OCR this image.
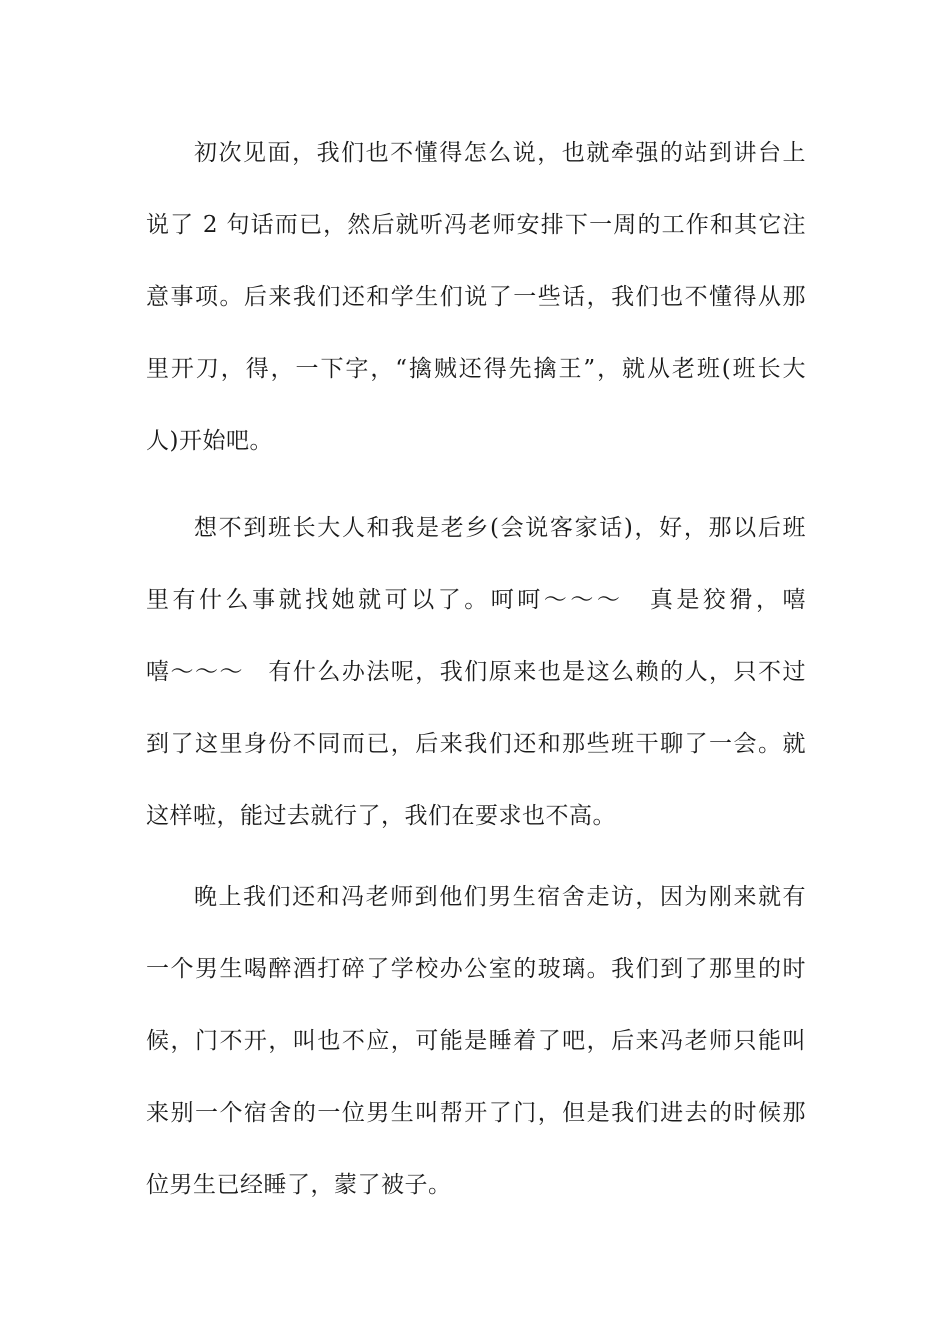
初次见面，我们也不懂得怎么说，也就牵强的站到讲台上
说了 2 句话而已，然后就听冯老师安排下一周的工作和其它注
意事项。后来我们还和学生们说了一些话，我们也不懂得从那
里开刀，得，一下字，“擒贼还得先擒王”，就从老班(班长大
人)开始吧。
想不到班长大人和我是老乡(会说客家话)，好，那以后班
里有什么事就找她就可以了。呵呵～～～　真是狡猾，嘻
嘻～～～　有什么办法呢，我们原来也是这么赖的人，只不过
到了这里身份不同而已，后来我们还和那些班干聊了一会。就
这样啦，能过去就行了，我们在要求也不高。
晚上我们还和冯老师到他们男生宿舍走访，因为刚来就有
一个男生喝醉酒打碎了学校办公室的玻璃。我们到了那里的时
候，门不开，叫也不应，可能是睡着了吧，后来冯老师只能叫
来别一个宿舍的一位男生叫帮开了门，但是我们进去的时候那
位男生已经睡了，蒙了被子。
